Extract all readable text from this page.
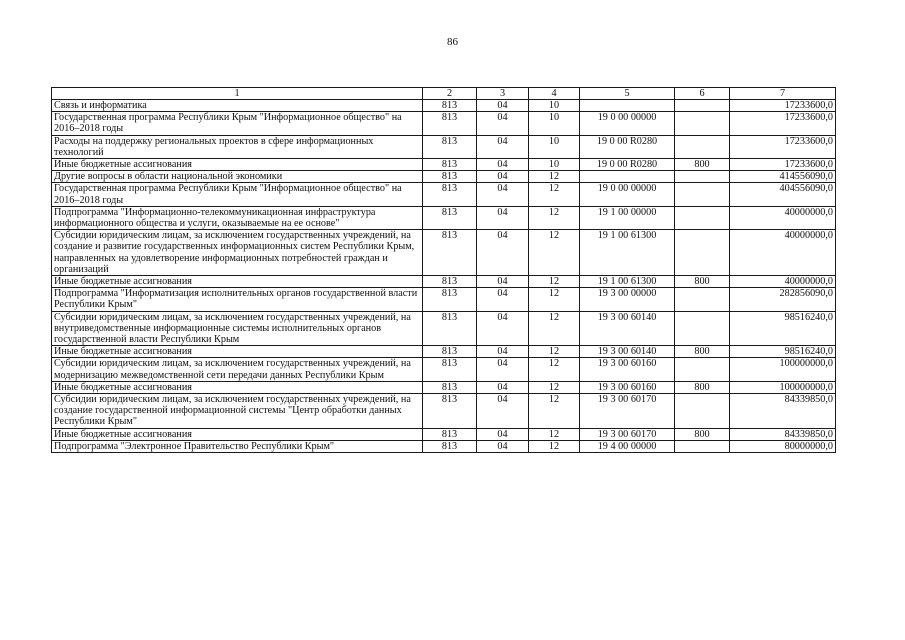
86
1	2	3	4	5	6	7
Связь и информатика	813	04	10			17233600,0
Государственная программа Республики Крым "Информационное общество" на 2016–2018 годы	813	04	10	19 0 00 00000		17233600,0
Расходы на поддержку региональных проектов в сфере информационных технологий	813	04	10	19 0 00 R0280		17233600,0
Иные бюджетные ассигнования	813	04	10	19 0 00 R0280	800	17233600,0
Другие вопросы в области национальной экономики	813	04	12			414556090,0
Государственная программа Республики Крым "Информационное общество" на 2016–2018 годы	813	04	12	19 0 00 00000		404556090,0
Подпрограмма "Информационно-телекоммуникационная инфраструктура информационного общества и услуги, оказываемые на ее основе"	813	04	12	19 1 00 00000		40000000,0
Субсидии юридическим лицам, за исключением государственных учреждений, на создание и развитие государственных информационных систем Республики Крым, направленных на удовлетворение информационных потребностей граждан и организаций	813	04	12	19 1 00 61300		40000000,0
Иные бюджетные ассигнования	813	04	12	19 1 00 61300	800	40000000,0
Подпрограмма "Информатизация исполнительных органов государственной власти Республики Крым"	813	04	12	19 3 00 00000		282856090,0
Субсидии юридическим лицам, за исключением государственных учреждений, на внутриведомственные информационные системы исполнительных органов государственной власти Республики Крым	813	04	12	19 3 00 60140		98516240,0
Иные бюджетные ассигнования	813	04	12	19 3 00 60140	800	98516240,0
Субсидии юридическим лицам, за исключением государственных учреждений, на модернизацию межведомственной сети передачи данных Республики Крым	813	04	12	19 3 00 60160		100000000,0
Иные бюджетные ассигнования	813	04	12	19 3 00 60160	800	100000000,0
Субсидии юридическим лицам, за исключением государственных учреждений, на создание государственной информационной системы "Центр обработки данных Республики Крым"	813	04	12	19 3 00 60170		84339850,0
Иные бюджетные ассигнования	813	04	12	19 3 00 60170	800	84339850,0
Подпрограмма "Электронное Правительство Республики Крым"	813	04	12	19 4 00 00000		80000000,0
